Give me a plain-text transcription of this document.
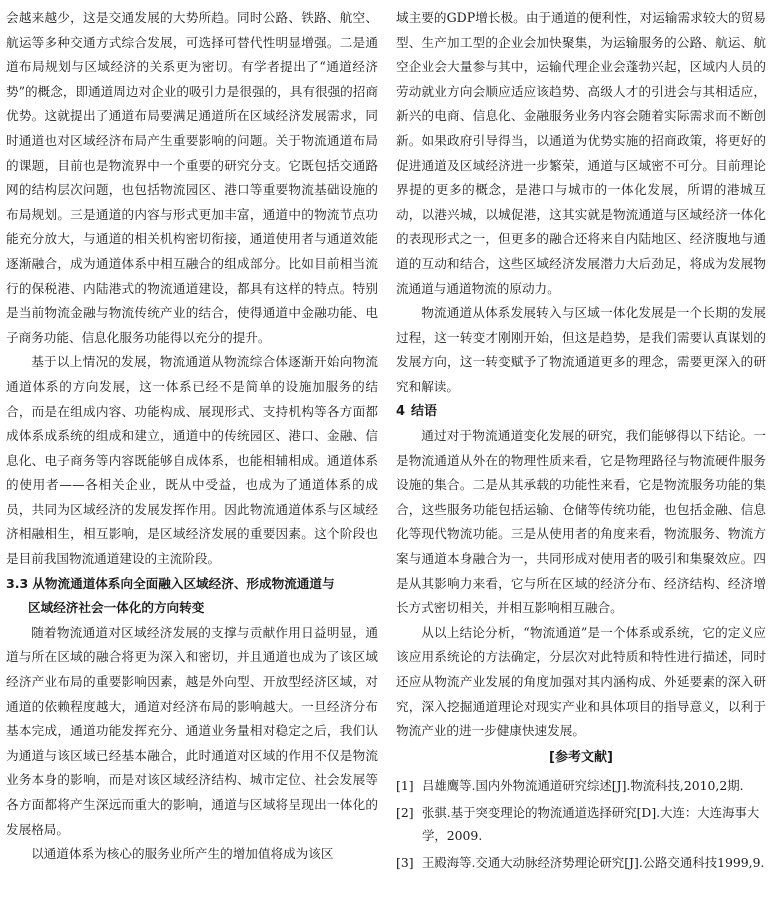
会越来越少，这是交通发展的大势所趋。同时公路、铁路、航空、航运等多种交通方式综合发展，可选择可替代性明显增强。二是通道布局规划与区域经济的关系更为密切。有学者提出了“通道经济势”的概念，即通道周边对企业的吸引力是很强的，具有很强的招商优势。这就提出了通道布局要满足通道所在区域经济发展需求，同时通道也对区域经济布局产生重要影响的问题。关于物流通道布局的课题，目前也是物流界中一个重要的研究分支。它既包括交通路网的结构层次问题，也包括物流园区、港口等重要物流基础设施的布局规划。三是通道的内容与形式更加丰富，通道中的物流节点功能充分放大，与通道的相关机构密切衔接，通道使用者与通道效能逐渐融合，成为通道体系中相互融合的组成部分。比如目前相当流行的保税港、内陆港式的物流通道建设，都具有这样的特点。特别是当前物流金融与物流传统产业的结合，使得通道中金融功能、电子商务功能、信息化服务功能得以充分的提升。

基于以上情况的发展，物流通道从物流综合体逐渐开始向物流通道体系的方向发展，这一体系已经不是简单的设施加服务的结合，而是在组成内容、功能构成、展现形式、支持机构等各方面都成体系成系统的组成和建立，通道中的传统园区、港口、金融、信息化、电子商务等内容既能够自成体系，也能相辅相成。通道体系的使用者——各相关企业，既从中受益，也成为了通道体系的成员，共同为区域经济的发展发挥作用。因此物流通道体系与区域经济相融相生，相互影响，是区域经济发展的重要因素。这个阶段也是目前我国物流通道建设的主流阶段。

3.3 从物流通道体系向全面融入区域经济、形成物流通道与
区域经济社会一体化的方向转变

随着物流通道对区域经济发展的支撑与贡献作用日益明显，通道与所在区域的融合将更为深入和密切，并且通道也成为了该区域经济产业布局的重要影响因素，越是外向型、开放型经济区域，对通道的依赖程度越大，通道对经济布局的影响越大。一旦经济分布基本完成，通道功能发挥充分、通道业务量相对稳定之后，我们认为通道与该区域已经基本融合，此时通道对区域的作用不仅是物流业务本身的影响，而是对该区域经济结构、城市定位、社会发展等各方面都将产生深远而重大的影响，通道与区域将呈现出一体化的发展格局。

以通道体系为核心的服务业所产生的增加值将成为该区

域主要的GDP增长极。由于通道的便利性，对运输需求较大的贸易型、生产加工型的企业会加快聚集，为运输服务的公路、航运、航空企业会大量参与其中，运输代理企业会蓬勃兴起，区域内人员的劳动就业方向会顺应适应该趋势、高级人才的引进会与其相适应，新兴的电商、信息化、金融服务业务内容会随着实际需求而不断创新。如果政府引导得当，以通道为优势实施的招商政策，将更好的促进通道及区域经济进一步繁荣，通道与区域密不可分。目前理论界提的更多的概念，是港口与城市的一体化发展，所谓的港城互动，以港兴城，以城促港，这其实就是物流通道与区域经济一体化的表现形式之一，但更多的融合还将来自内陆地区、经济腹地与通道的互动和结合，这些区域经济发展潜力大后劲足，将成为发展物流通道与通道物流的原动力。

物流通道从体系发展转入与区域一体化发展是一个长期的发展过程，这一转变才刚刚开始，但这是趋势，是我们需要认真谋划的发展方向，这一转变赋予了物流通道更多的理念，需要更深入的研究和解读。

4 结语

通过对于物流通道变化发展的研究，我们能够得以下结论。一是物流通道从外在的物理性质来看，它是物理路径与物流硬件服务设施的集合。二是从其承载的功能性来看，它是物流服务功能的集合，这些服务功能包括运输、仓储等传统功能，也包括金融、信息化等现代物流功能。三是从使用者的角度来看，物流服务、物流方案与通道本身融合为一，共同形成对使用者的吸引和集聚效应。四是从其影响力来看，它与所在区域的经济分布、经济结构、经济增长方式密切相关，并相互影响相互融合。

从以上结论分析，“物流通道”是一个体系或系统，它的定义应该应用系统论的方法确定，分层次对此特质和特性进行描述，同时还应从物流产业发展的角度加强对其内涵构成、外延要素的深入研究，深入挖掘通道理论对现实产业和具体项目的指导意义，以利于物流产业的进一步健康快速发展。

[参考文献]
[1] 吕雄鹰等.国内外物流通道研究综述[J].物流科技,2010,2期.
[2] 张骐.基于突变理论的物流通道选择研究[D].大连：大连海事大学，2009.
[3] 王殿海等.交通大动脉经济势理论研究[J].公路交通科技1999,9.
